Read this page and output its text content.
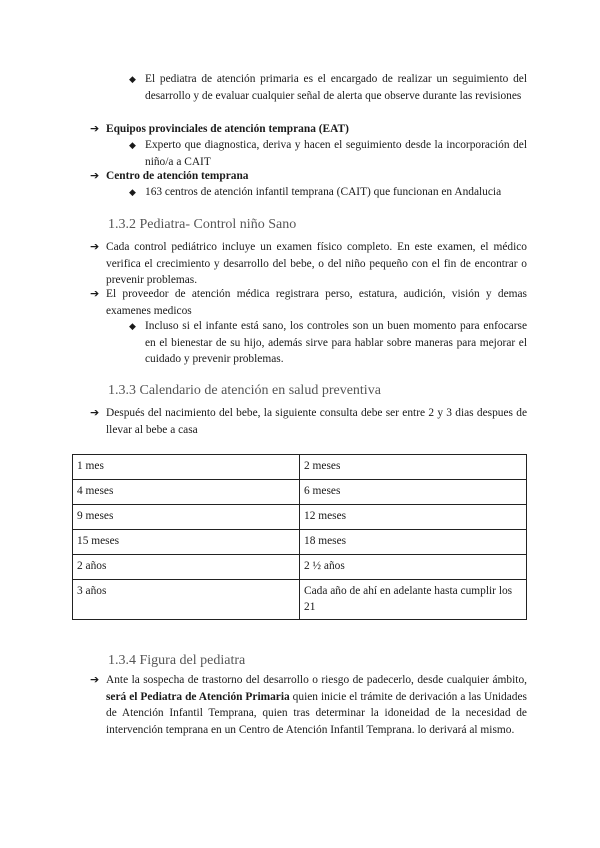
◆ El pediatra de atención primaria es el encargado de realizar un seguimiento del desarrollo y de evaluar cualquier señal de alerta que observe durante las revisiones
➔ Equipos provinciales de atención temprana (EAT)
◆ Experto que diagnostica, deriva y hacen el seguimiento desde la incorporación del niño/a a CAIT
➔ Centro de atención temprana
◆ 163 centros de atención infantil temprana (CAIT) que funcionan en Andalucia
1.3.2 Pediatra- Control niño Sano
➔ Cada control pediátrico incluye un examen físico completo. En este examen, el médico verifica el crecimiento y desarrollo del bebe, o del niño pequeño con el fin de encontrar o prevenir problemas.
➔ El proveedor de atención médica registrara perso, estatura, audición, visión y demas examenes medicos
◆ Incluso si el infante está sano, los controles son un buen momento para enfocarse en el bienestar de su hijo, además sirve para hablar sobre maneras para mejorar el cuidado y prevenir problemas.
1.3.3 Calendario de atención en salud preventiva
➔ Después del nacimiento del bebe, la siguiente consulta debe ser entre 2 y 3 dias despues de llevar al bebe a casa
1 mes	2 meses
4 meses	6 meses
9 meses	12 meses
15 meses	18 meses
2 años	2 ½ años
3 años	Cada año de ahí en adelante hasta cumplir los 21
1.3.4 Figura del pediatra
➔ Ante la sospecha de trastorno del desarrollo o riesgo de padecerlo, desde cualquier ámbito, será el Pediatra de Atención Primaria quien inicie el trámite de derivación a las Unidades de Atención Infantil Temprana, quien tras determinar la idoneidad de la necesidad de intervención temprana en un Centro de Atención Infantil Temprana. lo derivará al mismo.
